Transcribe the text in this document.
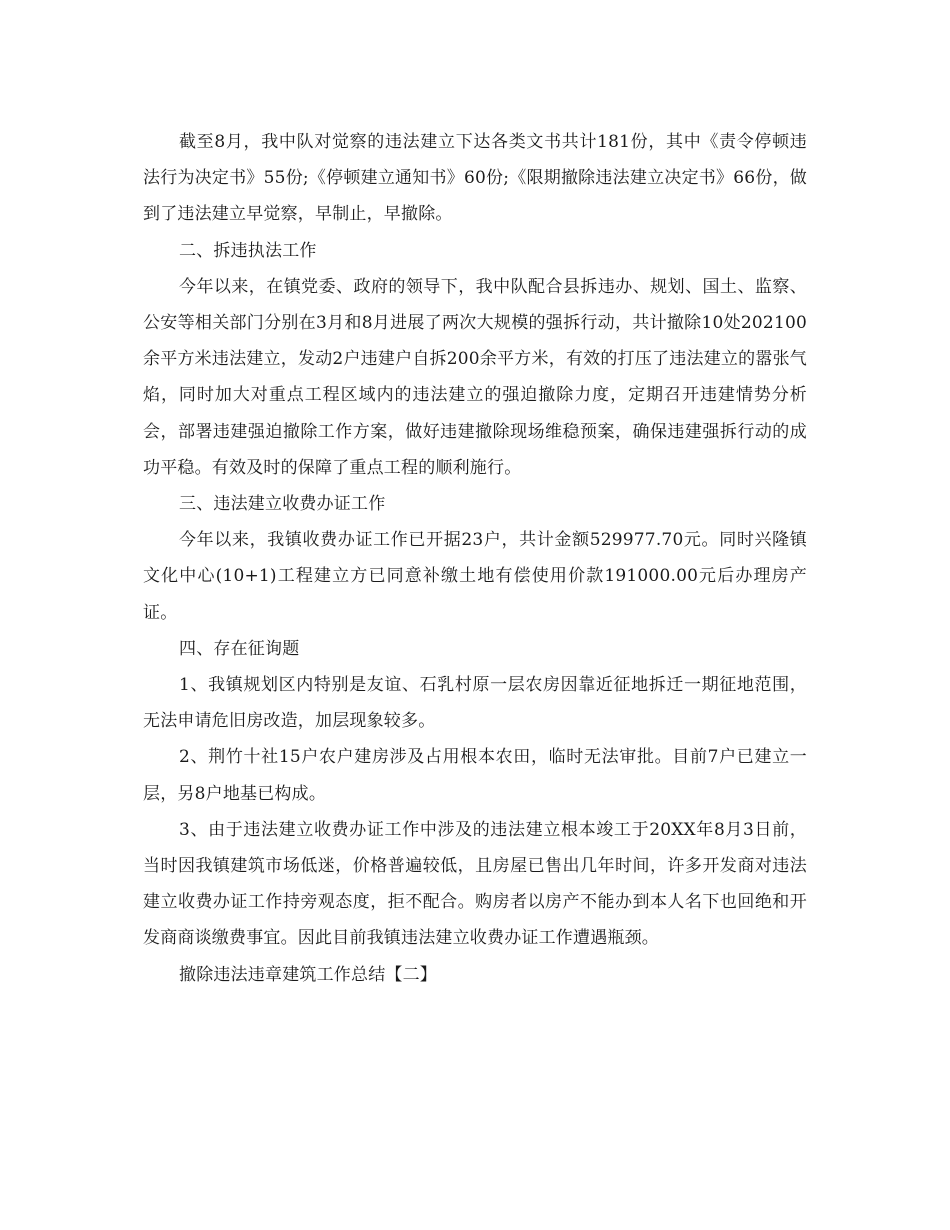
截至8月，我中队对觉察的违法建立下达各类文书共计181份，其中《责令停顿违法行为决定书》55份;《停顿建立通知书》60份;《限期撤除违法建立决定书》66份，做到了违法建立早觉察，早制止，早撤除。

二、拆违执法工作

今年以来，在镇党委、政府的领导下，我中队配合县拆违办、规划、国土、监察、公安等相关部门分别在3月和8月进展了两次大规模的强拆行动，共计撤除10处202100余平方米违法建立，发动2户违建户自拆200余平方米，有效的打压了违法建立的嚣张气焰，同时加大对重点工程区域内的违法建立的强迫撤除力度，定期召开违建情势分析会，部署违建强迫撤除工作方案，做好违建撤除现场维稳预案，确保违建强拆行动的成功平稳。有效及时的保障了重点工程的顺利施行。

三、违法建立收费办证工作

今年以来，我镇收费办证工作已开据23户，共计金额529977.70元。同时兴隆镇文化中心(10+1)工程建立方已同意补缴土地有偿使用价款191000.00元后办理房产证。

四、存在征询题

1、我镇规划区内特别是友谊、石乳村原一层农房因靠近征地拆迁一期征地范围，无法申请危旧房改造，加层现象较多。

2、荆竹十社15户农户建房涉及占用根本农田，临时无法审批。目前7户已建立一层，另8户地基已构成。

3、由于违法建立收费办证工作中涉及的违法建立根本竣工于20XX年8月3日前，当时因我镇建筑市场低迷，价格普遍较低，且房屋已售出几年时间，许多开发商对违法建立收费办证工作持旁观态度，拒不配合。购房者以房产不能办到本人名下也回绝和开发商商谈缴费事宜。因此目前我镇违法建立收费办证工作遭遇瓶颈。

撤除违法违章建筑工作总结【二】
